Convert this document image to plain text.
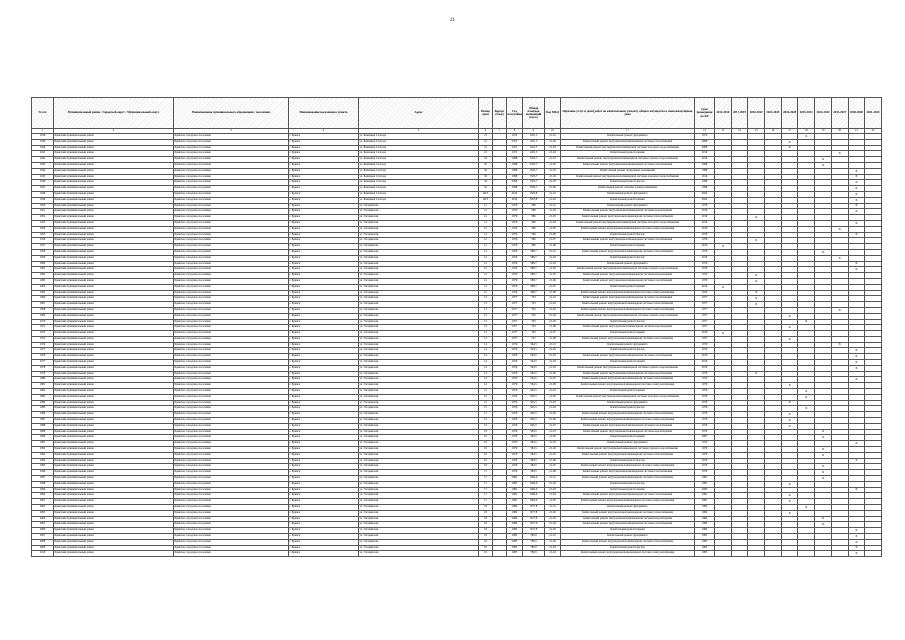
21
№ п/п	Муниципальный район / Городской округ / Муниципальный округ	Наименование муниципального образования / поселения	Наименование населенного пункта	Адрес	Номер дома	Корпус (блок)	Год постройки	Общая площадь помещений (кв.м)	Код МКД	Перечень услуг и (или) работ по капитальному ремонту общего имущества в многоквартирном доме	Срок проведения по КР	2014-2016	2017-2019	2020-2022	2023-2025	2026-2028	2029-2031	2032-2034	2035-2037	2038-2040	2041-2043
1	2	3	4	5	6	7	8	9	10	11	12	13	14	15	16	17	18	19	20	21	22
1938	Брянский муниципальный район	Брянское городское поселение	г. Брянск	ул. Бежицкая Слобода	21		1972	1201,3	21-01	Капитальный ремонт фундамента	1972						X				
1939	Брянский муниципальный район	Брянское городское поселение	г. Брянск	ул. Бежицкая Слобода	21		1972	1201,3	21-02	Капитальный ремонт внутридомовой инженерной системы газоснабжения	2008					X					
1940	Брянский муниципальный район	Брянское городское поселение	г. Брянск	ул. Бежицкая Слобода	21		1972	1201,3	21-03	Капитальный ремонт внутридомовой инженерной системы холодного водоснабжения	2008					X					
1941	Брянский муниципальный район	Брянское городское поселение	г. Брянск	ул. Бежицкая Слобода	21		1972	1201,3	21-04	Капитальный ремонт крыши	2010								X		
1942	Брянский муниципальный район	Брянское городское поселение	г. Брянск	ул. Бежицкая Слобода	32		1998	1505,7	21-01	Капитальный ремонт внутридомовой инженерной системы горячего водоснабжения	2010							X			
1943	Брянский муниципальный район	Брянское городское поселение	г. Брянск	ул. Бежицкая Слобода	32		1998	1505,7	21-02	Капитальный ремонт внутридомовой инженерной системы газоснабжения	1998							X			
1944	Брянский муниципальный район	Брянское городское поселение	г. Брянск	ул. Бежицкая Слобода	32		1998	1505,7	21-03	Капитальный ремонт подвальных помещений	1998									X	
1945	Брянский муниципальный район	Брянское городское поселение	г. Брянск	ул. Бежицкая Слобода	32		1998	1505,7	21-04	Капитальный ремонт внутридомовой инженерной системы холодного водоснабжения	2014									X	
1946	Брянский муниципальный район	Брянское городское поселение	г. Брянск	ул. Бежицкая Слобода	32		1998	1505,7	21-05	Капитальный ремонт фасада	1998									X	
1947	Брянский муниципальный район	Брянское городское поселение	г. Брянск	ул. Бежицкая Слобода	32		1998	1505,7	21-06	Капитальный ремонт системы электроснабжения	1998									X	
1948	Брянский муниципальный район	Брянское городское поселение	г. Брянск	ул. Бежицкая Слобода	46/3		2012	1505,8	21-01	Капитальный ремонт фундамента	2042									X	
1949	Брянский муниципальный район	Брянское городское поселение	г. Брянск	ул. Бежицкая Слобода	46/3		2012	3205,8	21-02	Капитальный ремонт крыши	2042									X	
1950	Брянский муниципальный район	Брянское городское поселение	г. Брянск	ул. Гагаринская	12		1976	586	21-01	Капитальный ремонт фундамента	1976									X	
1951	Брянский муниципальный район	Брянское городское поселение	г. Брянск	ул. Гагаринская	12		1976	586	21-02	Капитальный ремонт внутридомовой инженерной системы водоотведения	2010									X	
1952	Брянский муниципальный район	Брянское городское поселение	г. Брянск	ул. Гагаринская	12		1976	586	21-03	Капитальный ремонт внутридомовой инженерной системы теплоснабжения	2010			X							
1953	Брянский муниципальный район	Брянское городское поселение	г. Брянск	ул. Гагаринская	12		1976	586	21-04	Капитальный ремонт внутридомовой инженерной системы холодного водоснабжения	2010									X	
1954	Брянский муниципальный район	Брянское городское поселение	г. Брянск	ул. Гагаринская	12		1976	586	21-05	Капитальный ремонт внутридомовой инженерной системы электроснабжения	2010								X		
1955	Брянский муниципальный район	Брянское городское поселение	г. Брянск	ул. Гагаринская	12		1976	586	21-06	Капитальный ремонт фасада	1976									X	
1956	Брянский муниципальный район	Брянское городское поселение	г. Брянск	ул. Гагаринская	12		1976	586	21-07	Капитальный ремонт внутридомовой инженерной системы газоснабжения	1976			X							
1957	Брянский муниципальный район	Брянское городское поселение	г. Брянск	ул. Гагаринская	12		1976	586	21-08	Капитальный ремонт крыши	2016	X									
1958	Брянский муниципальный район	Брянское городское поселение	г. Брянск	ул. Гагаринская	12		1976	588,7	21-01	Капитальный ремонт внутридомовой инженерной системы теплоснабжения	1976							X			
1959	Брянский муниципальный район	Брянское городское поселение	г. Брянск	ул. Гагаринская	12		1976	588,7	21-02	Капитальный ремонт фасада	2010								X		
1960	Брянский муниципальный район	Брянское городское поселение	г. Брянск	ул. Гагаринская	12		1976	588,7	21-03	Капитальный ремонт фундамента	1976									X	
1961	Брянский муниципальный район	Брянское городское поселение	г. Брянск	ул. Гагаринская	12		1976	588,7	21-04	Капитальный ремонт внутридомовой инженерной системы горячего водоснабжения	1976									X	
1962	Брянский муниципальный район	Брянское городское поселение	г. Брянск	ул. Гагаринская	12		1976	588,7	21-05	Капитальный ремонт внутридомовой инженерной системы водоотведения	1976			X							
1963	Брянский муниципальный район	Брянское городское поселение	г. Брянск	ул. Гагаринская	12		1976	588,7	21-06	Капитальный ремонт внутридомовой инженерной системы газоснабжения	1976			X							
1964	Брянский муниципальный район	Брянское городское поселение	г. Брянск	ул. Гагаринская	12		1976	588,7	21-07	Капитальный ремонт крыши	2016	X									
1965	Брянский муниципальный район	Брянское городское поселение	г. Брянск	ул. Гагаринская	12		1976	588,7	21-08	Капитальный ремонт внутридомовой инженерной системы электроснабжения	1976			X							
1966	Брянский муниципальный район	Брянское городское поселение	г. Брянск	ул. Гагаринская	13		1977	703	21-01	Капитальный ремонт внутридомовой инженерной системы газоснабжения	1977			X							
1967	Брянский муниципальный район	Брянское городское поселение	г. Брянск	ул. Гагаринская	13		1977	703	21-02	Капитальный ремонт внутридомовой инженерной системы теплоснабжения	1977			X							
1968	Брянский муниципальный район	Брянское городское поселение	г. Брянск	ул. Гагаринская	13		1977	703	21-03	Капитальный ремонт внутридомовой инженерной системы электроснабжения	1977								X		
1969	Брянский муниципальный район	Брянское городское поселение	г. Брянск	ул. Гагаринская	13		1977	703	21-04	Капитальный ремонт внутридомовой инженерной системы горячего водоснабжения	1977					X					
1970	Брянский муниципальный район	Брянское городское поселение	г. Брянск	ул. Гагаринская	13		1977	703	21-05	Капитальный ремонт фасада	1977						X				
1971	Брянский муниципальный район	Брянское городское поселение	г. Брянск	ул. Гагаринская	13		1977	703	21-06	Капитальный ремонт внутридомовой инженерной системы водоотведения	1977					X					
1972	Брянский муниципальный район	Брянское городское поселение	г. Брянск	ул. Гагаринская	13		1977	703	21-07	Капитальный ремонт крыши	2016	X									
1973	Брянский муниципальный район	Брянское городское поселение	г. Брянск	ул. Гагаринская	13		1977	747	21-08	Капитальный ремонт внутридомовой инженерной системы теплоснабжения	1977					X					
1974	Брянский муниципальный район	Брянское городское поселение	г. Брянск	ул. Гагаринская	14		1976	564,5	21-01	Капитальный ремонт фундамента	1976								X		
1975	Брянский муниципальный район	Брянское городское поселение	г. Брянск	ул. Гагаринская	14		1976	564,5	21-02	Капитальный ремонт фасада	1976									X	
1976	Брянский муниципальный район	Брянское городское поселение	г. Брянск	ул. Гагаринская	14		1976	564,5	21-03	Капитальный ремонт внутридомовой инженерной системы газоснабжения	2010									X	
1977	Брянский муниципальный район	Брянское городское поселение	г. Брянск	ул. Гагаринская	14		1976	564,5	21-04	Капитальный ремонт крыши	2010									X	
1978	Брянский муниципальный район	Брянское городское поселение	г. Брянск	ул. Гагаринская	14		1976	564,5	21-05	Капитальный ремонт внутридомовой инженерной системы горячего водоснабжения	2010									X	
1979	Брянский муниципальный район	Брянское городское поселение	г. Брянск	ул. Гагаринская	14		1976	564,5	21-06	Капитальный ремонт внутридомовой инженерной системы водоотведения	1976			X							
1980	Брянский муниципальный район	Брянское городское поселение	г. Брянск	ул. Гагаринская	14		1976	564,5	21-07	Капитальный ремонт внутридомовой инженерной системы теплоснабжения	1976									X	
1981	Брянский муниципальный район	Брянское городское поселение	г. Брянск	ул. Гагаринская	14		1976	564,5	21-08	Капитальный ремонт внутридомовой инженерной системы электроснабжения	1976					X					
1982	Брянский муниципальный район	Брянское городское поселение	г. Брянск	ул. Гагаринская	15		1976	945,5	21-01	Капитальный ремонт крыши	1976						X				
1983	Брянский муниципальный район	Брянское городское поселение	г. Брянск	ул. Гагаринская	15		1976	945,5	21-02	Капитальный ремонт внутридомовой инженерной системы холодного водоснабжения	1976						X				
1984	Брянский муниципальный район	Брянское городское поселение	г. Брянск	ул. Гагаринская	15		1976	945,5	21-03	Капитальный ремонт фундамента	1976					X					
1985	Брянский муниципальный район	Брянское городское поселение	г. Брянск	ул. Гагаринская	15		1976	945,5	21-04	Капитальный ремонт фасада	1976						X				
1986	Брянский муниципальный район	Брянское городское поселение	г. Брянск	ул. Гагаринская	15		1976	945,5	21-05	Капитальный ремонт внутридомовой инженерной системы теплоснабжения	1976					X					
1987	Брянский муниципальный район	Брянское городское поселение	г. Брянск	ул. Гагаринская	15		1976	945,5	21-06	Капитальный ремонт внутридомовой инженерной системы электроснабжения	1976					X					
1988	Брянский муниципальный район	Брянское городское поселение	г. Брянск	ул. Гагаринская	15		1976	945,5	21-07	Капитальный ремонт внутридомовой инженерной системы газоснабжения	1976					X					
1989	Брянский муниципальный район	Брянское городское поселение	г. Брянск	ул. Гагаринская	16		1979	584,5	21-01	Капитальный ремонт внутридомовой инженерной системы водоотведения	1979							X			
1990	Брянский муниципальный район	Брянское городское поселение	г. Брянск	ул. Гагаринская	16		1979	584,5	21-02	Капитальный ремонт крыши	2007							X			
1991	Брянский муниципальный район	Брянское городское поселение	г. Брянск	ул. Гагаринская	16		1979	584,5	21-03	Капитальный ремонт фундамента	1979									X	
1992	Брянский муниципальный район	Брянское городское поселение	г. Брянск	ул. Гагаринская	16		1979	584,5	21-04	Капитальный ремонт внутридомовой инженерной системы горячего водоснабжения	1979							X			
1993	Брянский муниципальный район	Брянское городское поселение	г. Брянск	ул. Гагаринская	16		1979	584,5	21-05	Капитальный ремонт внутридомовой инженерной системы теплоснабжения	1979							X			
1994	Брянский муниципальный район	Брянское городское поселение	г. Брянск	ул. Гагаринская	16		1979	584,5	21-06	Капитальный ремонт фасада	1979									X	
1995	Брянский муниципальный район	Брянское городское поселение	г. Брянск	ул. Гагаринская	16		1979	584,5	21-07	Капитальный ремонт внутридомовой инженерной системы электроснабжения	1979							X			
1996	Брянский муниципальный район	Брянское городское поселение	г. Брянск	ул. Гагаринская	17		1979	584,5	21-08	Капитальный ремонт внутридомовой инженерной системы газоснабжения	1979							X			
1997	Брянский муниципальный район	Брянское городское поселение	г. Брянск	ул. Гагаринская	17		1981	1064,9	21-01	Капитальный ремонт внутридомовой инженерной системы теплоснабжения	1981							X			
1998	Брянский муниципальный район	Брянское городское поселение	г. Брянск	ул. Гагаринская	17		1981	1064,9	21-02	Капитальный ремонт фасада	1981					X					
1999	Брянский муниципальный район	Брянское городское поселение	г. Брянск	ул. Гагаринская	17		1981	1064,9	21-03	Капитальный ремонт крыши	2009									X	
2000	Брянский муниципальный район	Брянское городское поселение	г. Брянск	ул. Гагаринская	17		1981	1064,9	21-04	Капитальный ремонт внутридомовой инженерной системы газоснабжения	1981					X					
2001	Брянский муниципальный район	Брянское городское поселение	г. Брянск	ул. Гагаринская	17		1981	1064,9	21-05	Капитальный ремонт внутридомовой инженерной системы электроснабжения	1981					X					
2002	Брянский муниципальный район	Брянское городское поселение	г. Брянск	ул. Гагаринская	18		1984	1677,8	21-01	Капитальный ремонт фундамента	1984						X				
2003	Брянский муниципальный район	Брянское городское поселение	г. Брянск	ул. Гагаринская	18		1984	1677,8	21-02	Капитальный ремонт внутридомовой инженерной системы теплоснабжения	1984					X					
2004	Брянский муниципальный район	Брянское городское поселение	г. Брянск	ул. Гагаринская	18		1984	1677,8	21-03	Капитальный ремонт внутридомовой инженерной системы водоотведения	1984							X			
2005	Брянский муниципальный район	Брянское городское поселение	г. Брянск	ул. Гагаринская	18		1984	1677,8	21-04	Капитальный ремонт внутридомовой инженерной системы газоснабжения	1984							X			
2006	Брянский муниципальный район	Брянское городское поселение	г. Брянск	ул. Гагаринская	18		1984	1677,8	21-05	Капитальный ремонт крыши	1984									X	
2007	Брянский муниципальный район	Брянское городское поселение	г. Брянск	ул. Гагаринская	19		1985	780,9	21-01	Капитальный ремонт фундамента	1985									X	
2008	Брянский муниципальный район	Брянское городское поселение	г. Брянск	ул. Гагаринская	19		1985	780,9	21-02	Капитальный ремонт внутридомовой инженерной системы теплоснабжения	1985									X	
2009	Брянский муниципальный район	Брянское городское поселение	г. Брянск	ул. Гагаринская	19		1985	780,9	21-03	Капитальный ремонт фасада	1985									X	
2010	Брянский муниципальный район	Брянское городское поселение	г. Брянск	ул. Гагаринская	19		1985	780,9	21-04	Капитальный ремонт внутридомовой инженерной системы электроснабжения	1985									X	
